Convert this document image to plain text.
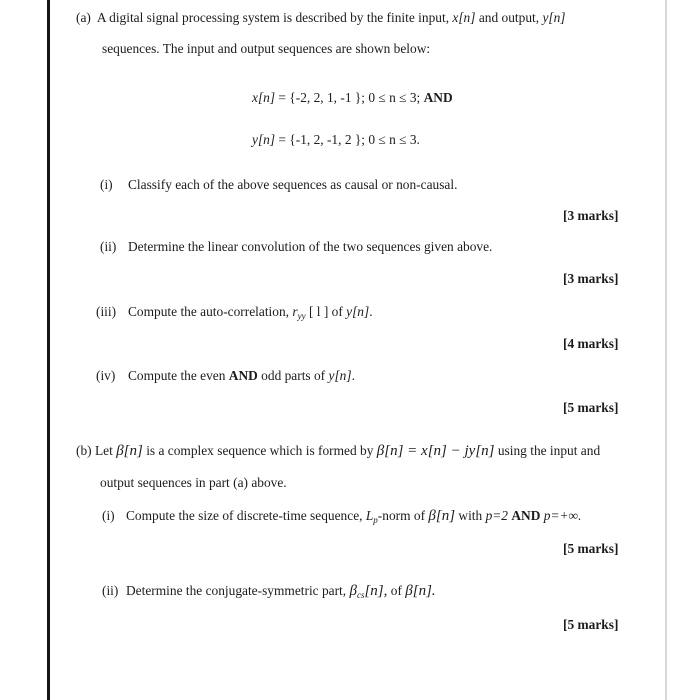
(a) A digital signal processing system is described by the finite input, x[n] and output, y[n]
sequences. The input and output sequences are shown below:
x[n] = {-2, 2, 1, -1 }; 0 ≤ n ≤ 3; AND
y[n] = {-1, 2, -1, 2 }; 0 ≤ n ≤ 3.
(i) Classify each of the above sequences as causal or non-causal.
[3 marks]
(ii) Determine the linear convolution of the two sequences given above.
[3 marks]
(iii) Compute the auto-correlation, $r_{yy}$ [ l ] of y[n].
[4 marks]
(iv) Compute the even AND odd parts of y[n].
[5 marks]
(b) Let β[n] is a complex sequence which is formed by β[n] = x[n] − jy[n] using the input and
output sequences in part (a) above.
(i) Compute the size of discrete-time sequence, $L_p$-norm of β[n] with p=2 AND p=+∞.
[5 marks]
(ii) Determine the conjugate-symmetric part, $\beta_{cs}[n]$, of β[n].
[5 marks]
